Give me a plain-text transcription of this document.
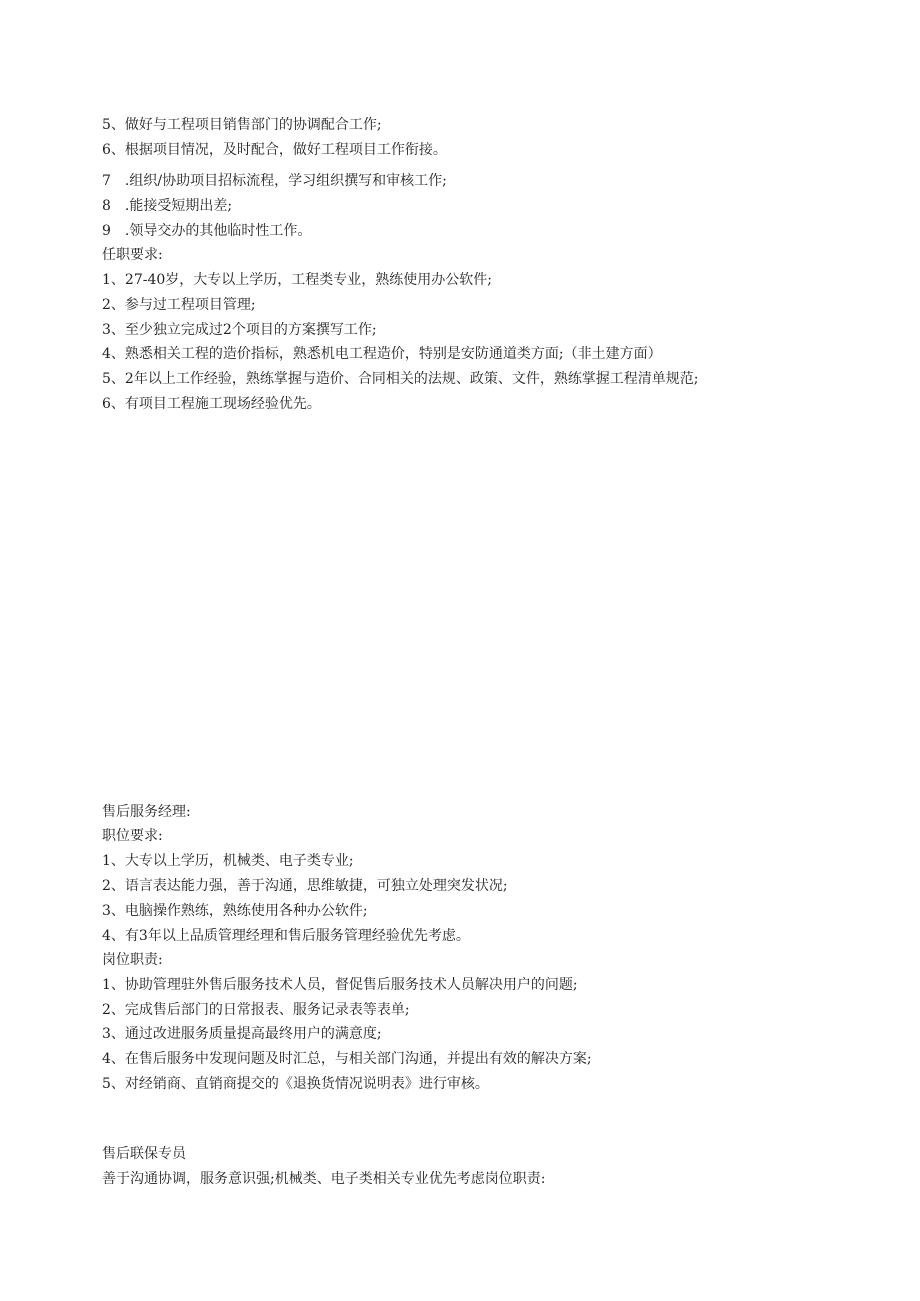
5、做好与工程项目销售部门的协调配合工作;
6、根据项目情况，及时配合，做好工程项目工作衔接。
7　.组织/协助项目招标流程，学习组织撰写和审核工作;
8　.能接受短期出差;
9　.领导交办的其他临时性工作。
任职要求:
1、27-40岁，大专以上学历，工程类专业，熟练使用办公软件;
2、参与过工程项目管理;
3、至少独立完成过2个项目的方案撰写工作;
4、熟悉相关工程的造价指标，熟悉机电工程造价，特别是安防通道类方面;（非土建方面）
5、2年以上工作经验，熟练掌握与造价、合同相关的法规、政策、文件，熟练掌握工程清单规范;
6、有项目工程施工现场经验优先。
售后服务经理:
职位要求:
1、大专以上学历，机械类、电子类专业;
2、语言表达能力强，善于沟通，思维敏捷，可独立处理突发状况;
3、电脑操作熟练，熟练使用各种办公软件;
4、有3年以上品质管理经理和售后服务管理经验优先考虑。
岗位职责:
1、协助管理驻外售后服务技术人员，督促售后服务技术人员解决用户的问题;
2、完成售后部门的日常报表、服务记录表等表单;
3、通过改进服务质量提高最终用户的满意度;
4、在售后服务中发现问题及时汇总，与相关部门沟通，并提出有效的解决方案;
5、对经销商、直销商提交的《退换货情况说明表》进行审核。
售后联保专员
善于沟通协调，服务意识强;机械类、电子类相关专业优先考虑岗位职责:
